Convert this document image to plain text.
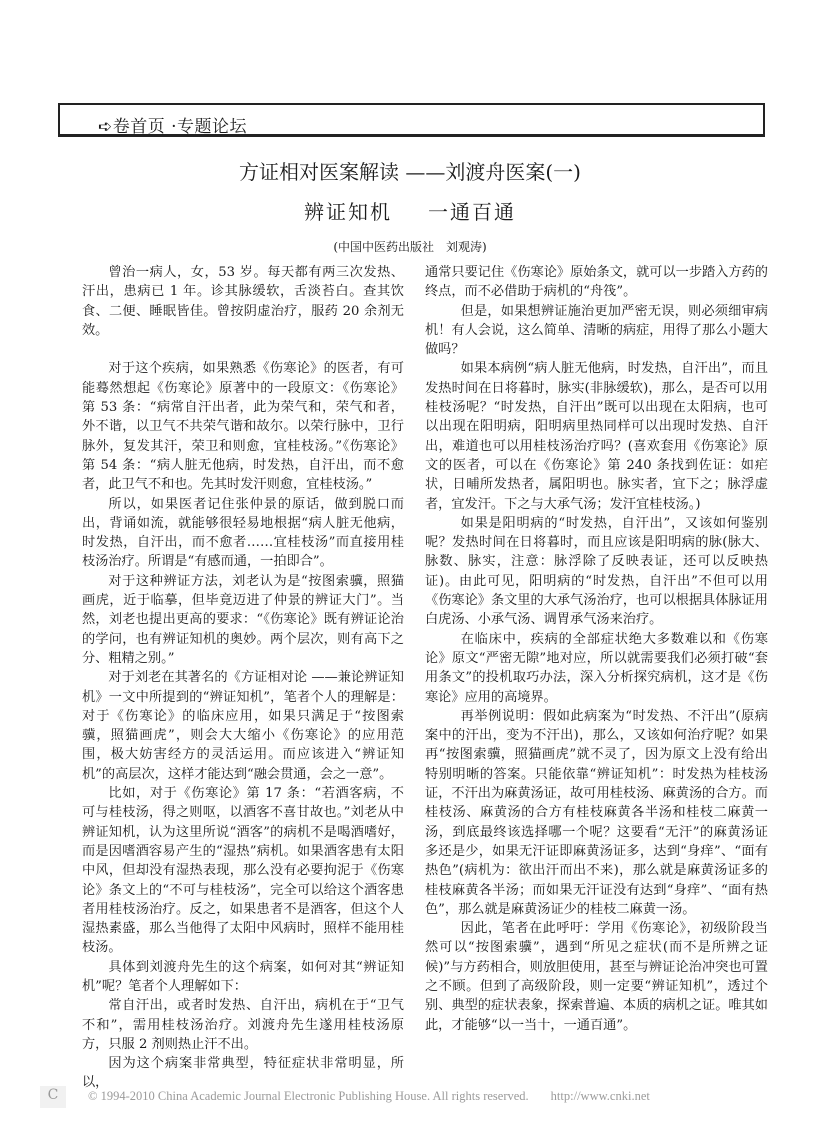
➪卷首页 ·专题论坛
方证相对医案解读 ——刘渡舟医案(一)
辨证知机 一通百通
(中国中医药出版社　刘观涛)

曾治一病人，女，53 岁。每天都有两三次发热、汗出，患病已 1 年。诊其脉缓软，舌淡苔白。查其饮食、二便、睡眠皆佳。曾按阴虚治疗，服药 20 余剂无效。

对于这个疾病，如果熟悉《伤寒论》的医者，有可能蓦然想起《伤寒论》原著中的一段原文：《伤寒论》第 53 条：“病常自汗出者，此为荣气和，荣气和者，外不谐，以卫气不共荣气谐和故尔。以荣行脉中，卫行脉外，复发其汗，荣卫和则愈，宜桂枝汤。”《伤寒论》第 54 条：“病人脏无他病，时发热，自汗出，而不愈者，此卫气不和也。先其时发汗则愈，宜桂枝汤。”

所以，如果医者记住张仲景的原话，做到脱口而出，背诵如流，就能够很轻易地根据“病人脏无他病，时发热，自汗出，而不愈者……宜桂枝汤”而直接用桂枝汤治疗。所谓是“有感而通，一拍即合”。

对于这种辨证方法，刘老认为是“按图索骥，照猫画虎，近于临摹，但毕竟迈进了仲景的辨证大门”。当然，刘老也提出更高的要求：“《伤寒论》既有辨证论治的学问，也有辨证知机的奥妙。两个层次，则有高下之分、粗精之别。”

对于刘老在其著名的《方证相对论 ——兼论辨证知机》一文中所提到的“辨证知机”，笔者个人的理解是：对于《伤寒论》的临床应用，如果只满足于“按图索骥，照猫画虎”，则会大大缩小《伤寒论》的应用范围，极大妨害经方的灵活运用。而应该进入“辨证知机”的高层次，这样才能达到“融会贯通，会之一意”。

比如，对于《伤寒论》第 17 条：“若酒客病，不可与桂枝汤，得之则呕，以酒客不喜甘故也。”刘老从中辨证知机，认为这里所说“酒客”的病机不是喝酒嗜好，而是因嗜酒容易产生的“湿热”病机。如果酒客患有太阳中风，但却没有湿热表现，那么没有必要拘泥于《伤寒论》条文上的“不可与桂枝汤”，完全可以给这个酒客患者用桂枝汤治疗。反之，如果患者不是酒客，但这个人湿热素盛，那么当他得了太阳中风病时，照样不能用桂枝汤。

具体到刘渡舟先生的这个病案，如何对其“辨证知机”呢？笔者个人理解如下：

常自汗出，或者时发热、自汗出，病机在于“卫气不和”，需用桂枝汤治疗。刘渡舟先生遂用桂枝汤原方，只服 2 剂则热止汗不出。

因为这个病案非常典型，特征症状非常明显，所以，

通常只要记住《伤寒论》原始条文，就可以一步踏入方药的终点，而不必借助于病机的“舟筏”。

但是，如果想辨证施治更加严密无误，则必须细审病机！有人会说，这么简单、清晰的病症，用得了那么小题大做吗？

如果本病例“病人脏无他病，时发热，自汗出”，而且发热时间在日将暮时，脉实(非脉缓软)，那么，是否可以用桂枝汤呢？“时发热，自汗出”既可以出现在太阳病，也可以出现在阳明病，阳明病里热同样可以出现时发热、自汗出，难道也可以用桂枝汤治疗吗？(喜欢套用《伤寒论》原文的医者，可以在《伤寒论》第 240 条找到佐证：如疟状，日晡所发热者，属阳明也。脉实者，宜下之；脉浮虚者，宜发汗。下之与大承气汤；发汗宜桂枝汤。)

如果是阳明病的“时发热，自汗出”，又该如何鉴别呢？发热时间在日将暮时，而且应该是阳明病的脉(脉大、脉数、脉实，注意：脉浮除了反映表证，还可以反映热证)。由此可见，阳明病的“时发热，自汗出”不但可以用《伤寒论》条文里的大承气汤治疗，也可以根据具体脉证用白虎汤、小承气汤、调胃承气汤来治疗。

在临床中，疾病的全部症状绝大多数难以和《伤寒论》原文“严密无隙”地对应，所以就需要我们必须打破“套用条文”的投机取巧办法，深入分析探究病机，这才是《伤寒论》应用的高境界。

再举例说明：假如此病案为“时发热、不汗出”(原病案中的汗出，变为不汗出)，那么，又该如何治疗呢？如果再“按图索骥，照猫画虎”就不灵了，因为原文上没有给出特别明晰的答案。只能依靠“辨证知机”：时发热为桂枝汤证，不汗出为麻黄汤证，故可用桂枝汤、麻黄汤的合方。而桂枝汤、麻黄汤的合方有桂枝麻黄各半汤和桂枝二麻黄一汤，到底最终该选择哪一个呢？这要看“无汗”的麻黄汤证多还是少，如果无汗证即麻黄汤证多，达到“身痒”、“面有热色”(病机为：欲出汗而出不来)，那么就是麻黄汤证多的桂枝麻黄各半汤；而如果无汗证没有达到“身痒”、“面有热色”，那么就是麻黄汤证少的桂枝二麻黄一汤。

因此，笔者在此呼吁：学用《伤寒论》，初级阶段当然可以“按图索骥”，遇到“所见之症状(而不是所辨之证候)”与方药相合，则放胆使用，甚至与辨证论治冲突也可置之不顾。但到了高级阶段，则一定要“辨证知机”，透过个别、典型的症状表象，探索普遍、本质的病机之证。唯其如此，才能够“以一当十，一通百通”。

C	© 1994-2010 China Academic Journal Electronic Publishing House. All rights reserved. http://www.cnki.net
